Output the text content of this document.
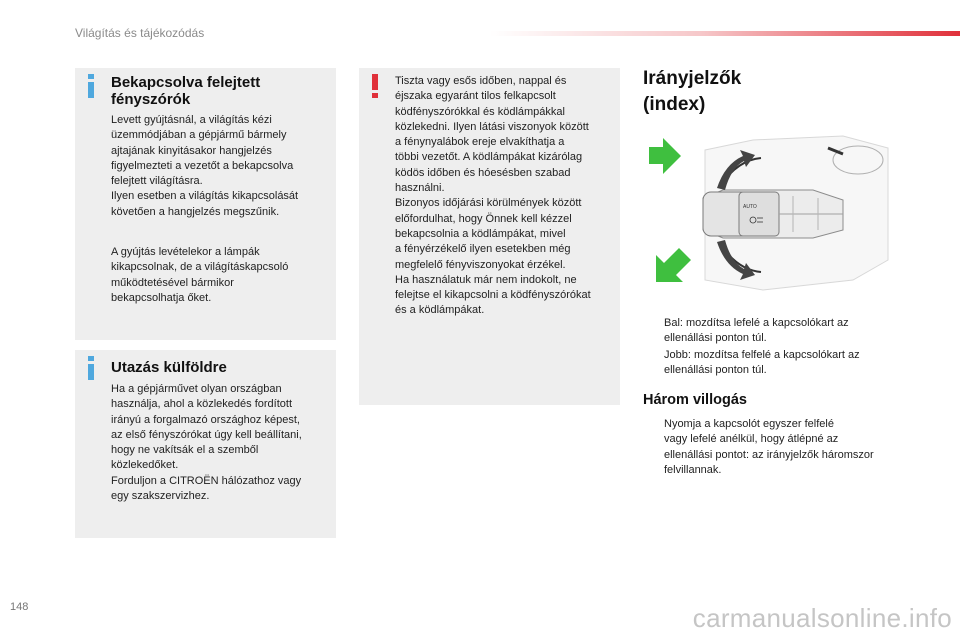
Világítás és tájékozódás
Bekapcsolva felejtett
fényszórók
Levett gyújtásnál, a világítás kézi
üzemmódjában a gépjármű bármely
ajtajának kinyitásakor hangjelzés
figyelmezteti a vezetőt a bekapcsolva
felejtett világításra.
Ilyen esetben a világítás kikapcsolását
követően a hangjelzés megszűnik.
A gyújtás levételekor a lámpák
kikapcsolnak, de a világításkapcsoló
működtetésével bármikor
bekapcsolhatja őket.
Utazás külföldre
Ha a gépjárművet olyan országban
használja, ahol a közlekedés fordított
irányú a forgalmazó országhoz képest,
az első fényszórókat úgy kell beállítani,
hogy ne vakítsák el a szemből
közlekedőket.
Forduljon a CITROËN hálózathoz vagy
egy szakszervizhez.
Tiszta vagy esős időben, nappal és
éjszaka egyaránt tilos felkapcsolt
ködfényszórókkal és ködlámpákkal
közlekedni. Ilyen látási viszonyok között
a fénynyalábok ereje elvakíthatja a
többi vezetőt. A ködlámpákat kizárólag
ködös időben és hóesésben szabad
használni.
Bizonyos időjárási körülmények között
előfordulhat, hogy Önnek kell kézzel
bekapcsolnia a ködlámpákat, mivel
a fényérzékelő ilyen esetekben még
megfelelő fényviszonyokat érzékel.
Ha használatuk már nem indokolt, ne
felejtse el kikapcsolni a ködfényszórókat
és a ködlámpákat.
Irányjelzők
(index)
AUTO
Bal: mozdítsa lefelé a kapcsolókart az
ellenállási ponton túl.
Jobb: mozdítsa felfelé a kapcsolókart az
ellenállási ponton túl.
Három villogás
Nyomja a kapcsolót egyszer felfelé
vagy lefelé anélkül, hogy átlépné az
ellenállási pontot: az irányjelzők háromszor
felvillannak.
148	carmanualsonline.info
